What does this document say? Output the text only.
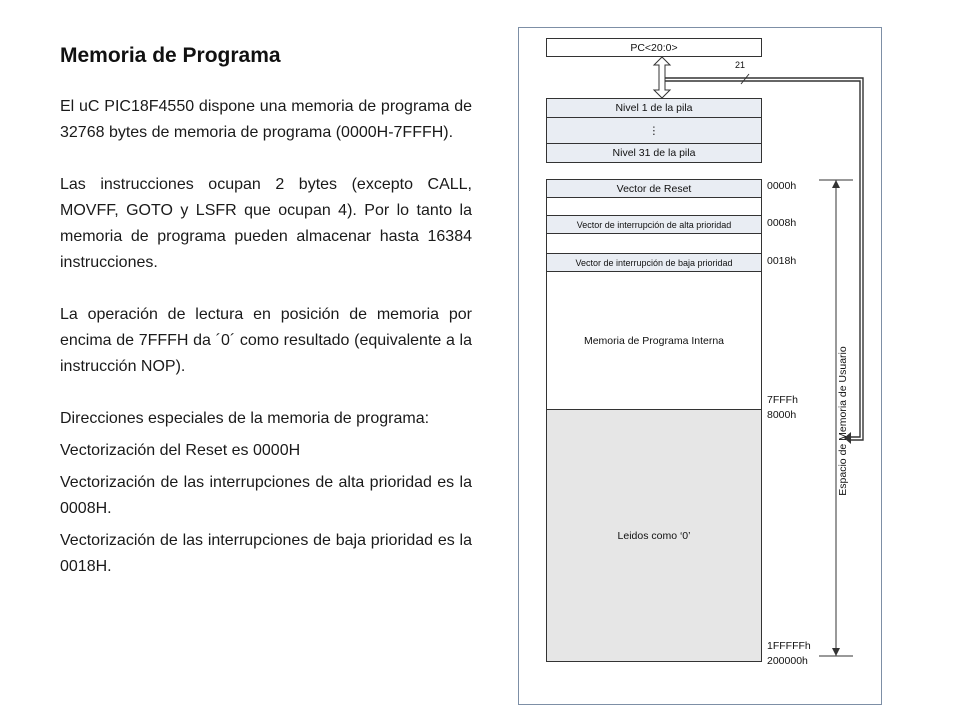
Memoria de Programa

El uC PIC18F4550 dispone una memoria de programa de 32768 bytes de memoria de programa (0000H-7FFFH).

Las instrucciones ocupan 2 bytes (excepto CALL, MOVFF, GOTO y LSFR que ocupan 4). Por lo tanto la memoria de programa pueden almacenar hasta 16384 instrucciones.

La operación de lectura en posición de memoria por encima de 7FFFH da ´0´ como resultado (equivalente a la instrucción NOP).

Direcciones especiales de la memoria de programa:

Vectorización del Reset es 0000H

Vectorización de las interrupciones de alta prioridad es la 0008H.

Vectorización de las interrupciones de baja prioridad es la 0018H.

PC<20:0>
21
Nivel 1 de la pila
⋮
Nivel 31 de la pila
Vector de Reset
Vector de interrupción de alta prioridad
Vector de interrupción de baja prioridad
Memoria de Programa Interna
Leidos como ‘0’
0000h
0008h
0018h
7FFFh
8000h
1FFFFFh
200000h
Espacio de Memoria de Usuario
